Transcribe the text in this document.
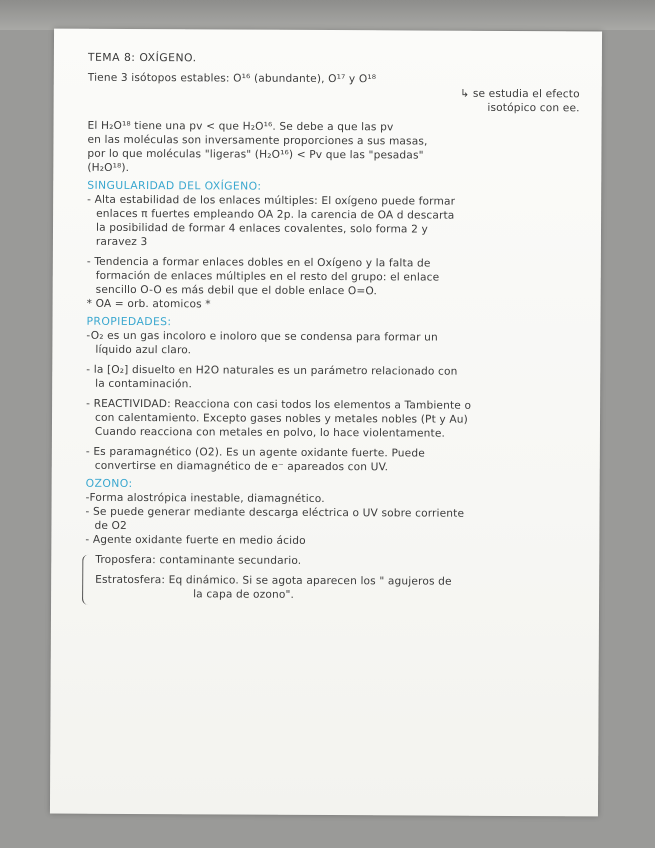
TEMA 8: OXÍGENO.
Tiene 3 isótopos estables: O¹⁶ (abundante), O¹⁷ y O¹⁸
↳ se estudia el efecto
isotópico con ee.
El H₂O¹⁸ tiene una pv < que H₂O¹⁶. Se debe a que las pv
en las moléculas son inversamente proporciones a sus masas,
por lo que moléculas "ligeras" (H₂O¹⁶) < Pv que las "pesadas"
(H₂O¹⁸).
SINGULARIDAD DEL OXÍGENO:
- Alta estabilidad de los enlaces múltiples: El oxígeno puede formar
enlaces π fuertes empleando OA 2p. la carencia de OA d descarta
la posibilidad de formar 4 enlaces covalentes, solo forma 2 y
raravez 3
- Tendencia a formar enlaces dobles en el Oxígeno y la falta de
formación de enlaces múltiples en el resto del grupo: el enlace
sencillo O-O es más debil que el doble enlace O=O.
* OA = orb. atomicos *
PROPIEDADES:
-O₂ es un gas incoloro e inoloro que se condensa para formar un
líquido azul claro.
- la [O₂] disuelto en H2O naturales es un parámetro relacionado con
la contaminación.
- REACTIVIDAD: Reacciona con casi todos los elementos a Tambiente o
con calentamiento. Excepto gases nobles y metales nobles (Pt y Au)
Cuando reacciona con metales en polvo, lo hace violentamente.
- Es paramagnético (O2). Es un agente oxidante fuerte. Puede
convertirse en diamagnético de e⁻ apareados con UV.
OZONO:
-Forma alostrópica inestable, diamagnético.
- Se puede generar mediante descarga eléctrica o UV sobre corriente
de O2
- Agente oxidante fuerte en medio ácido
Troposfera: contaminante secundario.
Estratosfera: Eq dinámico. Si se agota aparecen los " agujeros de
la capa de ozono".
